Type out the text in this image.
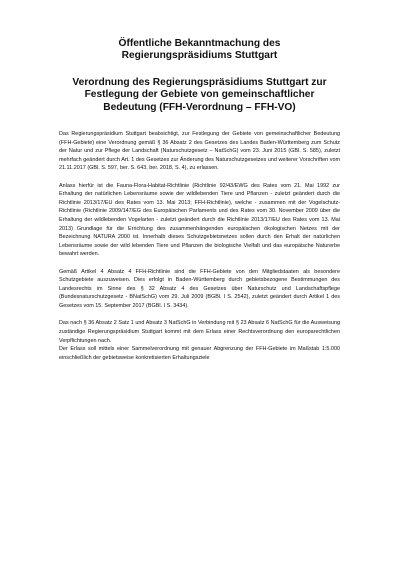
Öffentliche Bekanntmachung des
Regierungspräsidiums Stuttgart

Verordnung des Regierungspräsidiums Stuttgart zur
Festlegung der Gebiete von gemeinschaftlicher
Bedeutung (FFH-Verordnung – FFH-VO)

Das Regierungspräsidium Stuttgart beabsichtigt, zur Festlegung der Gebiete von gemeinschaftlicher Bedeutung (FFH-Gebiete) eine Verordnung gemäß § 36 Absatz 2 des Gesetzes des Landes Baden-Württemberg zum Schutz der Natur und zur Pflege der Landschaft (Naturschutzgesetz – NatSchG) vom 23. Juni 2015 (GBl. S. 585), zuletzt mehrfach geändert durch Art. 1 des Gesetzes zur Änderung des Naturschutzgesetzes und weiterer Vorschriften vom 21.11.2017 (GBl. S. 597, ber. S. 643, ber. 2018, S. 4), zu erlassen.

Anlass hierfür ist die Fauna-Flora-Habitat-Richtlinie (Richtlinie 92/43/EWG des Rates vom 21. Mai 1992 zur Erhaltung der natürlichen Lebensräume sowie der wildlebenden Tiere und Pflanzen - zuletzt geändert durch die Richtlinie 2013/17/EU des Rates vom 13. Mai 2013; FFH-Richtlinie), welche - zusammen mit der Vogelschutz-Richtlinie (Richtlinie 2009/147/EG des Europäischen Parlaments und des Rates vom 30. November 2009 über die Erhaltung der wildlebenden Vogelarten - zuletzt geändert durch die Richtlinie 2013/17/EU des Rates vom 13. Mai 2013) Grundlage für die Errichtung des zusammenhängenden europäischen ökologischen Netzes mit der Bezeichnung NATURA 2000 ist. Innerhalb dieses Schutzgebietsnetzes sollen durch den Erhalt der natürlichen Lebensräume sowie der wild lebenden Tiere und Pflanzen die biologische Vielfalt und das europäische Naturerbe bewahrt werden.

Gemäß Artikel 4 Absatz 4 FFH-Richtlinie sind die FFH-Gebiete von den Mitgliedstaaten als besondere Schutzgebiete auszuweisen. Dies erfolgt in Baden-Württemberg durch gebietsbezogene Bestimmungen des Landesrechts im Sinne des § 32 Absatz 4 des Gesetzes über Naturschutz und Landschaftspflege (Bundesnaturschutzgesetz - BNatSchG) vom 29. Juli 2009 (BGBl. I S. 2542), zuletzt geändert durch Artikel 1 des Gesetzes vom 15. September 2017 (BGBl. I S. 3434).

Das nach § 36 Absatz 2 Satz 1 und Absatz 3 NatSchG in Verbindung mit § 23 Absatz 6 NatSchG für die Ausweisung zuständige Regierungspräsidium Stuttgart kommt mit dem Erlass einer Rechtsverordnung den europarechtlichen Verpflichtungen nach.

Der Erlass soll mittels einer Sammelverordnung mit genauer Abgrenzung der FFH-Gebiete im Maßstab 1:5.000 einschließlich der gebietsweise konkretisierten Erhaltungsziele
